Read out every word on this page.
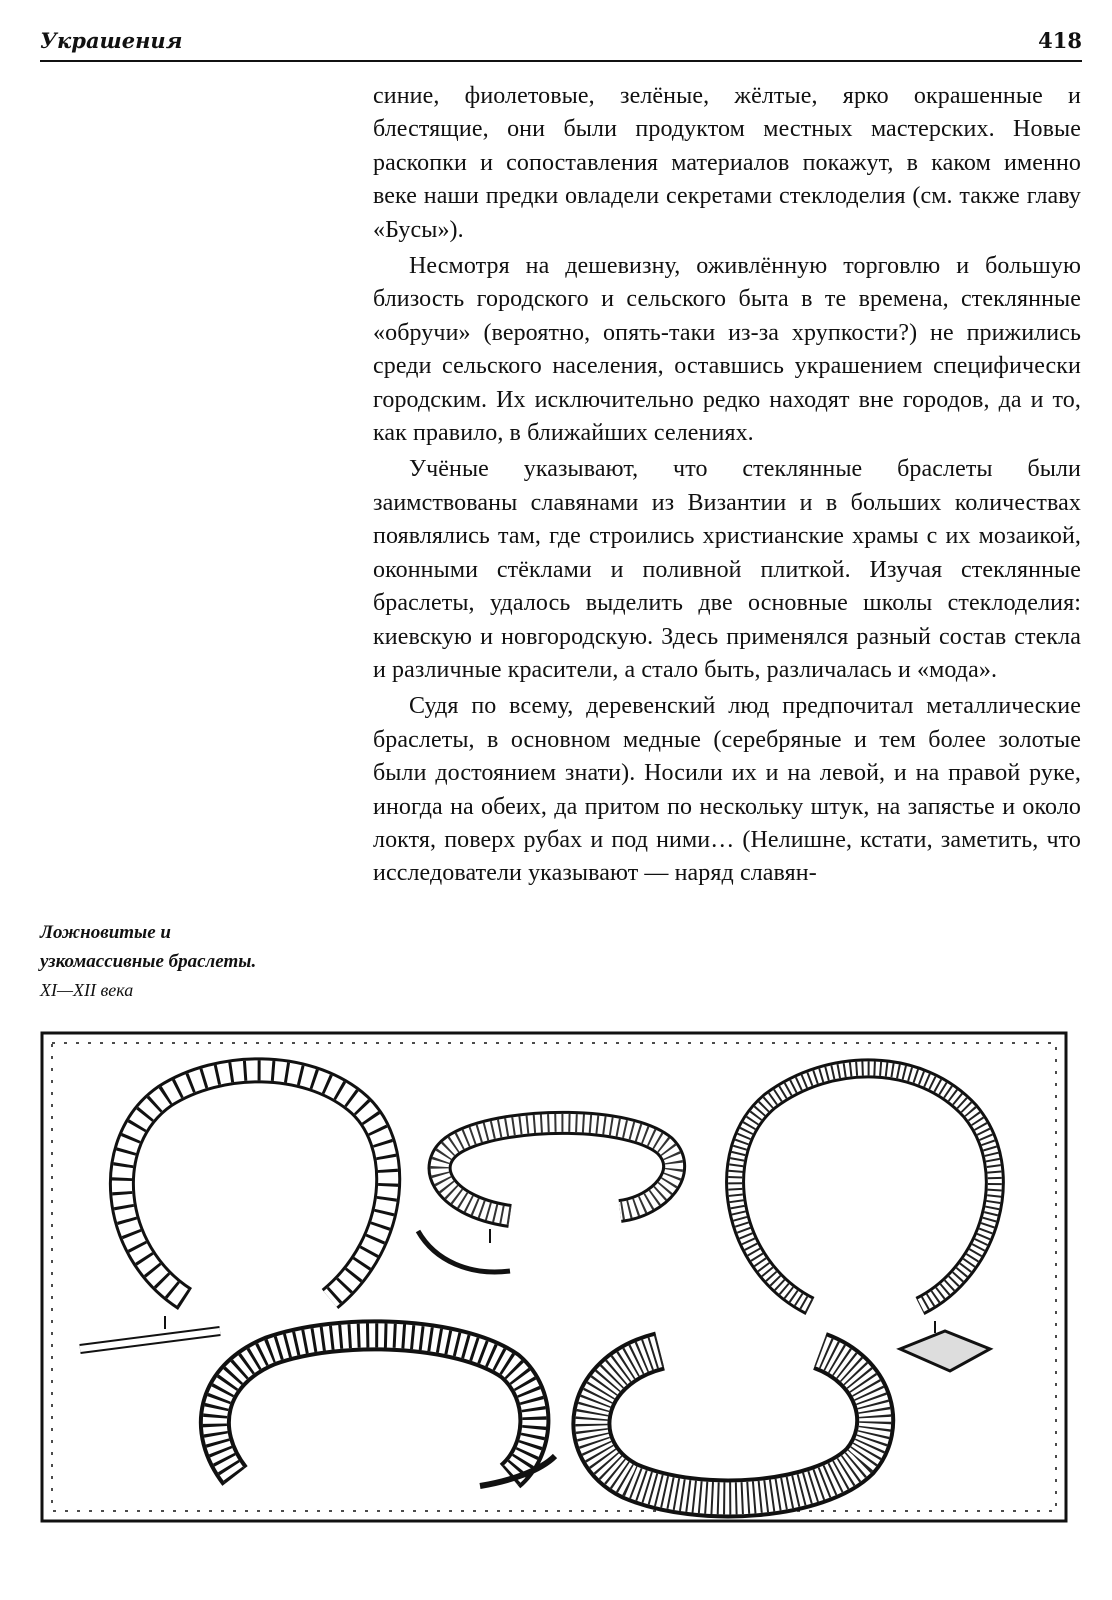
Украшения	418

синие, фиолетовые, зелёные, жёлтые, ярко окрашенные и блестящие, они были продуктом местных мастерских. Новые раскопки и сопоставления материалов покажут, в каком именно веке наши предки овладели секретами стеклоделия (см. также главу «Бусы»).

Несмотря на дешевизну, оживлённую торговлю и большую близость городского и сельского быта в те времена, стеклянные «обручи» (вероятно, опять-таки из-за хрупкости?) не прижились среди сельского населения, оставшись украшением специфически городским. Их исключительно редко находят вне городов, да и то, как правило, в ближайших селениях.

Учёные указывают, что стеклянные браслеты были заимствованы славянами из Византии и в больших количествах появлялись там, где строились христианские храмы с их мозаикой, оконными стёклами и поливной плиткой. Изучая стеклянные браслеты, удалось выделить две основные школы стеклоделия: киевскую и новгородскую. Здесь применялся разный состав стекла и различные красители, а стало быть, различалась и «мода».

Судя по всему, деревенский люд предпочитал металлические браслеты, в основном медные (серебряные и тем более золотые были достоянием знати). Носили их и на левой, и на правой руке, иногда на обеих, да притом по нескольку штук, на запястье и около локтя, поверх рубах и под ними… (Нелишне, кстати, заметить, что исследователи указывают — наряд славян-

Ложновитые и
узкомассивные браслеты.
XI—XII века
